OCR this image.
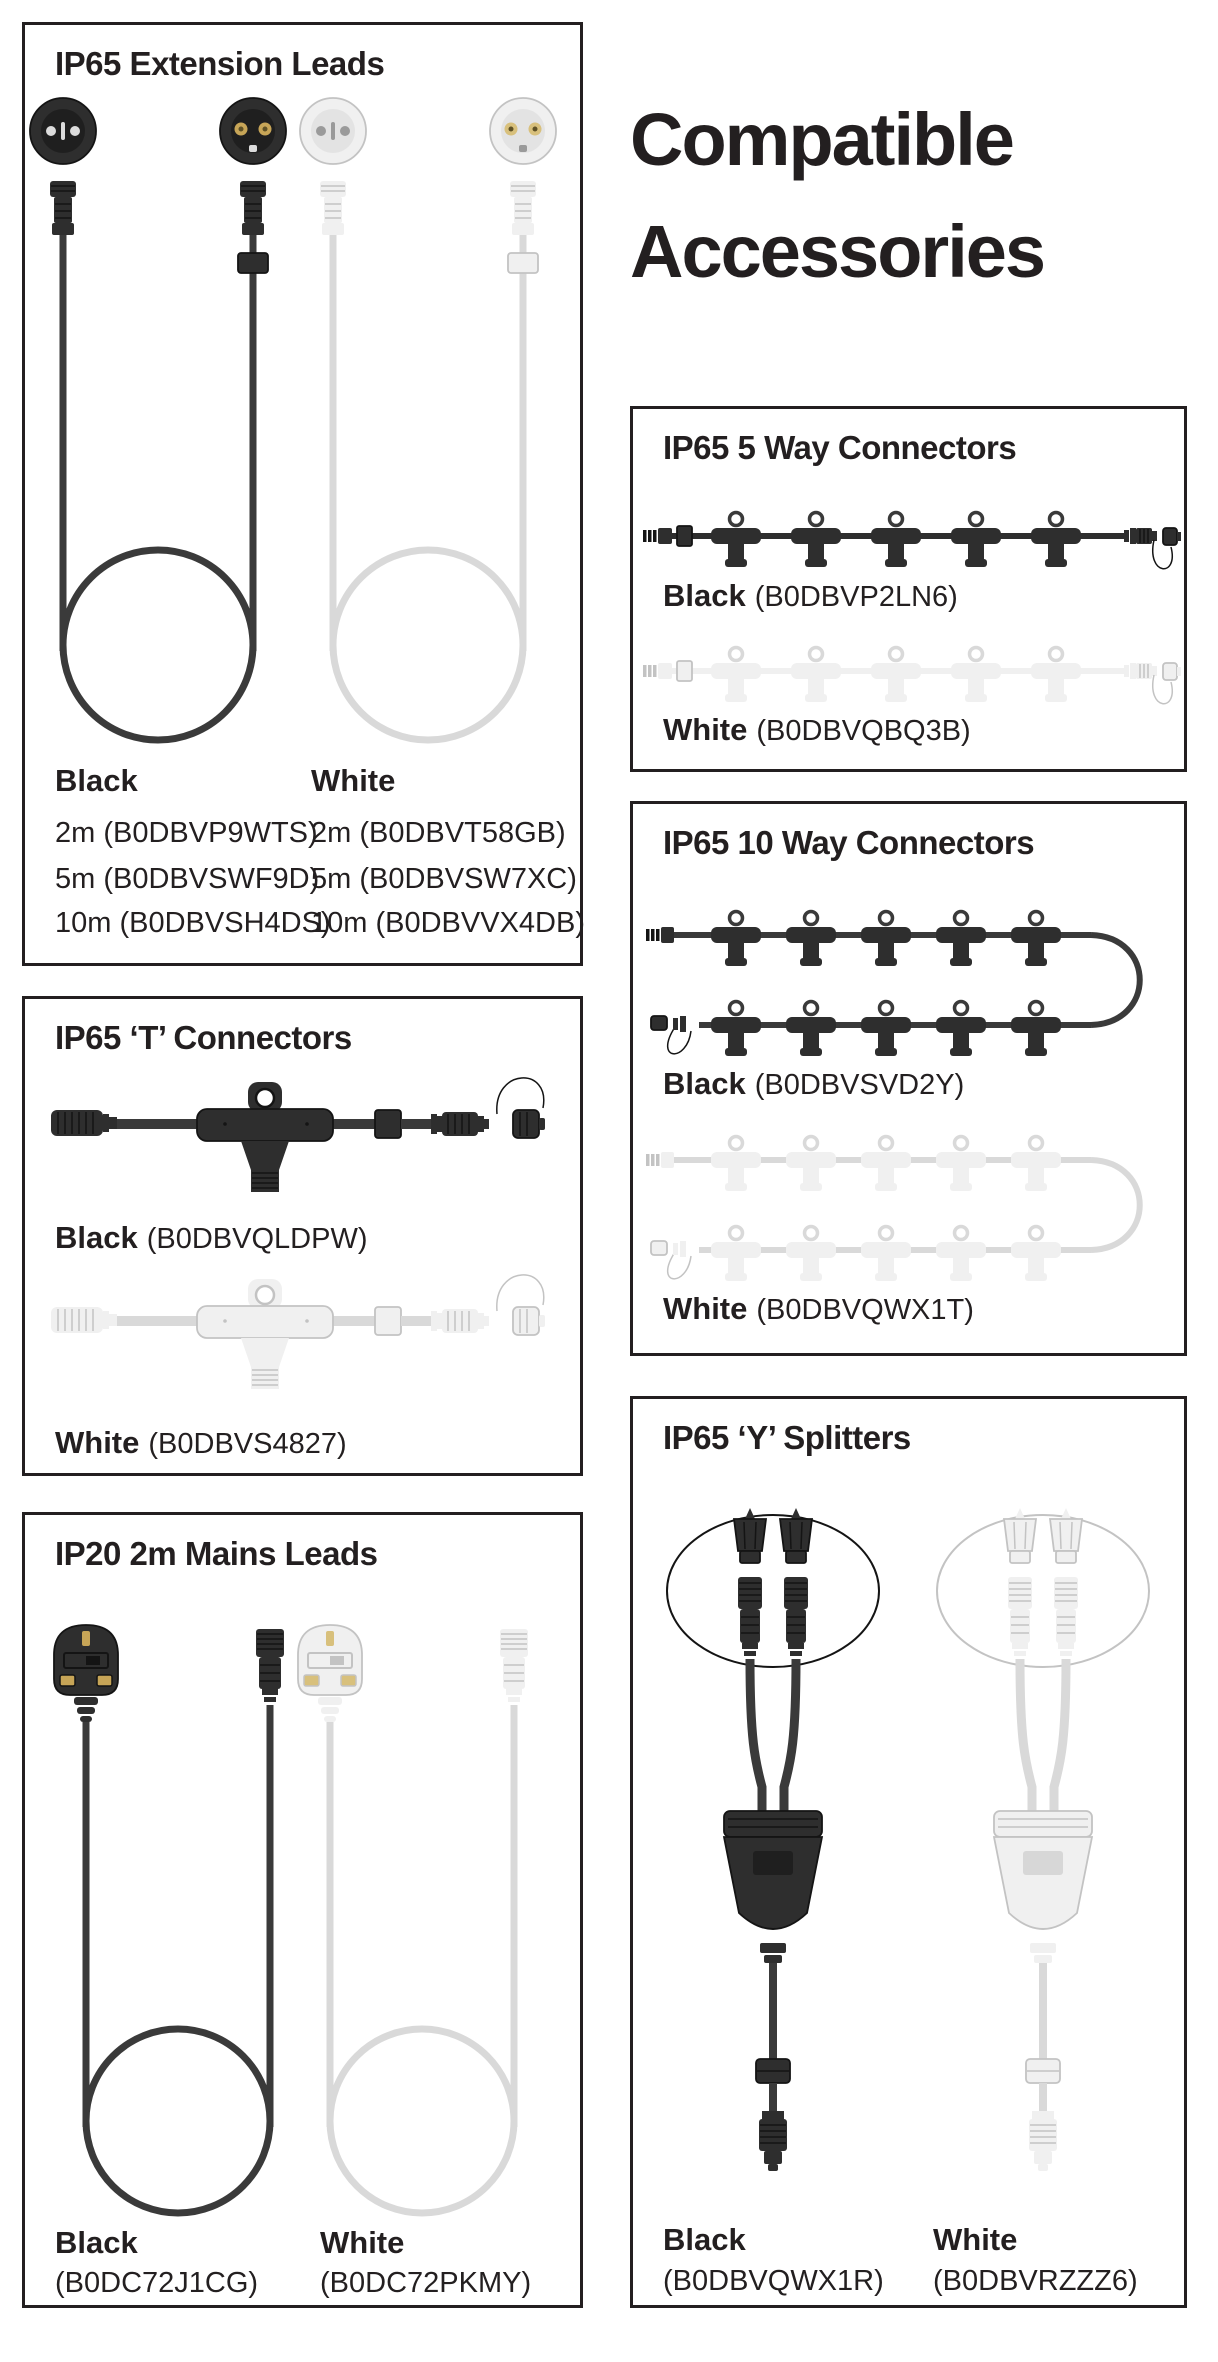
Compatible
Accessories
IP65 Extension Leads
Black	White
2m (B0DBVP9WTS)
5m (B0DBVSWF9D)
10m (B0DBVSH4DS)
2m (B0DBVT58GB)
5m (B0DBVSW7XC)
10m (B0DBVVX4DB)
IP65 5 Way Connectors
Black (B0DBVP2LN6)
White (B0DBVQBQ3B)
IP65 10 Way Connectors
Black (B0DBVSVD2Y)
White (B0DBVQWX1T)
IP65 ‘T’ Connectors
Black (B0DBVQLDPW)
White (B0DBVS4827)
IP20 2m Mains Leads
Black
(B0DC72J1CG)
White
(B0DC72PKMY)
IP65 ‘Y’ Splitters
Black
(B0DBVQWX1R)
White
(B0DBVRZZZ6)
